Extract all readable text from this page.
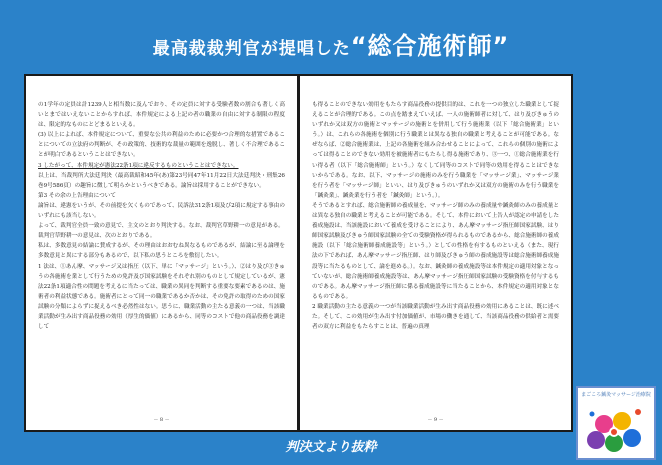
最高裁裁判官が提唱した“総合施術師”

の1学年の定員は計1239人と相当数に及んでおり、その定員に対する受験者数の割合も著しく高いとまではいえないことからすれば、本件規定による上記の者の職業の自由に対する制限の程度は、限定的なものにとどまるといえる。

(3) 以上によれば、本件規定について、重要な公共の利益のために必要かつ合理的な措置であることについての立法府の判断が、その政策的、技術的な裁量の範囲を逸脱し、著しく不合理であることが明白であるということはできない。

3 したがって、本件規定が憲法22条1項に違反するものということはできない。

以上は、当裁判所大法廷判決（最高裁昭和45年(あ)第23号同47年11月22日大法廷判決・刑集26巻9号586頁）の趣旨に徴して明らかというべきである。論旨は採用することができない。

第3 その余の上告理由について

論旨は、違憲をいうが、その前提を欠くものであって、民訴法312条1項及び2項に規定する事由のいずれにも該当しない。

よって、裁判官全員一致の意見で、主文のとおり判決する。なお、裁判官草野耕一の意見がある。

裁判官草野耕一の意見は、次のとおりである。

私は、多数意見の結論に賛成するが、その理由はおおむね異なるものであるが、結論に至る論理を多数意見と異にする部分もあるので、以下私の思うところを敷衍したい。

1 法は、①あん摩、マッサージ又は指圧（以下、単に「マッサージ」という。）、②はり及び③きゅうの各施術を業として行うための免許及び国家試験をそれぞれ別のものとして規定しているが、憲法22条1項適合性の問題を考えるに当たっては、職業の異同を判断する重要な要素であるのは、施術者の利益状態である。施術者にとって同一の職業であるか否かは、その免許の取得のための国家試験の分類によらずに捉えるべき必然性はない。思うに、職業活動の主たる意義の一つは、当該職業活動が生み出す商品役務の効用（厚生的価値）にあるから、同等のコストで他の商品役務を調達して

－ 8 －

も得ることのできない効用をもたらす商品役務の提供目的は、これを一つの独立した職業として捉えることが合理的である。この点を踏まえていえば、一人の施術師者に対して、はり及びきゅうのいずれか又は双方の施術とマッサージの施術とを併用して行う施術業（以下「総合施術業」という。）は、これらの各施術を個別に行う職業とは異なる独自の職業と考えることが可能である。なぜならば、②総合施術業は、上記の各施術を組み合わせることによって、これらの個別の施術によっては得ることのできない効用を被施術者にもたらし得る施術であり、③一つ、①総合施術業を行い得る者（以下「総合施術師」という。）なくして同等のコストで同等の効用を得ることはできないからである。なお、以下、マッサージの施術のみを行う職業を「マッサージ業」、マッサージ業を行う者を「マッサージ師」といい、はり及びきゅうのいずれか又は双方の施術のみを行う職業を「鍼灸業」、鍼灸業を行う者を「鍼灸師」という。）。

そうであるとすれば、総合施術師の養成量を、マッサージ師のみの養成量や鍼灸師のみの養成量とは異なる独自の職業と考えることが可能である。そして、本件において上告人が認定の申請をした養成施設は、当該施設において養成を受けることにより、あん摩マッサージ指圧師国家試験、はり師国家試験及びきゅう師国家試験の全ての受験資格が得られるものであるから、総合施術師の養成施設（以下「総合施術師養成施設等」という。）としての性格を有するものといえる（また、現行法の下であれば、あん摩マッサージ指圧師、はり師及びきゅう師の養成施設等は総合施術師養成施設等に当たるものとして、論を進める。）。なお、鍼灸師の養成施設等は本件規定の適用対象となっていないが、総合施術師養成施設等は、あん摩マッサージ指圧師国家試験の受験資格を付与するものである。あん摩マッサージ指圧師に係る養成施設等に当たることから、本件規定の適用対象となるものである。

2 職業活動の主たる意義の一つが当該職業活動が生み出す商品役務の効用にあることは、既に述べた。そして、この効用が生み出す付加価値が、市場の働きを通して、当該商品役務の供給者と需要者の双方に利益をもたらすことは、普遍の真理

－ 9 －
判決文より抜粋
まごころ鍼灸マッサージ治療院
